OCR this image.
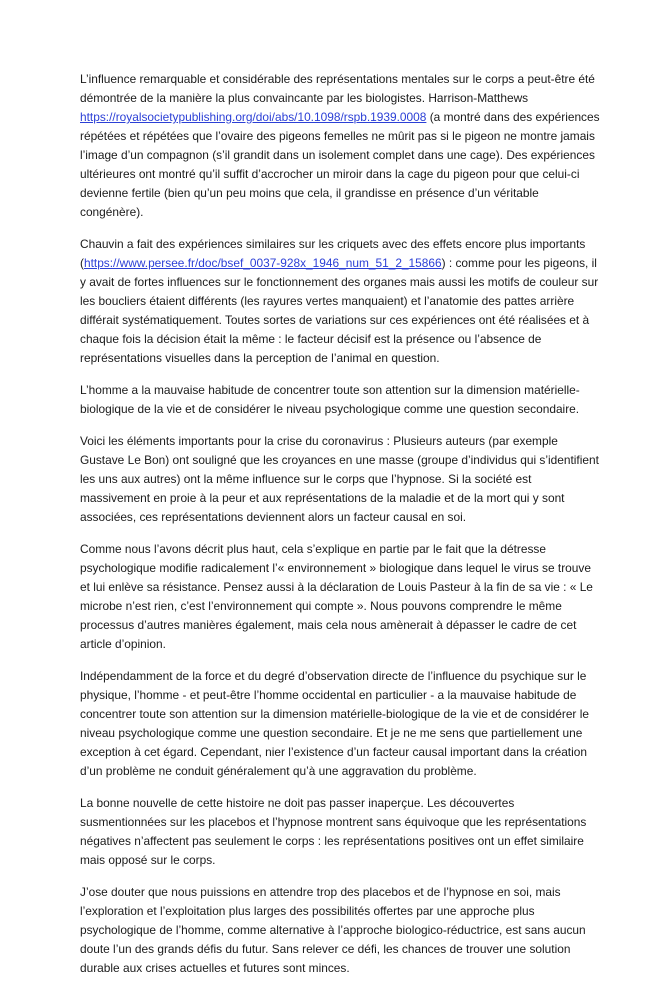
L’influence remarquable et considérable des représentations mentales sur le corps a peut-être été démontrée de la manière la plus convaincante par les biologistes. Harrison-Matthews https://royalsocietypublishing.org/doi/abs/10.1098/rspb.1939.0008 (a montré dans des expériences répétées et répétées que l’ovaire des pigeons femelles ne mûrit pas si le pigeon ne montre jamais l’image d’un compagnon (s’il grandit dans un isolement complet dans une cage). Des expériences ultérieures ont montré qu’il suffit d’accrocher un miroir dans la cage du pigeon pour que celui-ci devienne fertile (bien qu’un peu moins que cela, il grandisse en présence d’un véritable congénère).

Chauvin a fait des expériences similaires sur les criquets avec des effets encore plus importants (https://www.persee.fr/doc/bsef_0037-928x_1946_num_51_2_15866) : comme pour les pigeons, il y avait de fortes influences sur le fonctionnement des organes mais aussi les motifs de couleur sur les boucliers étaient différents (les rayures vertes manquaient) et l’anatomie des pattes arrière différait systématiquement. Toutes sortes de variations sur ces expériences ont été réalisées et à chaque fois la décision était la même : le facteur décisif est la présence ou l’absence de représentations visuelles dans la perception de l’animal en question.

L’homme a la mauvaise habitude de concentrer toute son attention sur la dimension matérielle-biologique de la vie et de considérer le niveau psychologique comme une question secondaire.

Voici les éléments importants pour la crise du coronavirus : Plusieurs auteurs (par exemple Gustave Le Bon) ont souligné que les croyances en une masse (groupe d’individus qui s’identifient les uns aux autres) ont la même influence sur le corps que l’hypnose. Si la société est massivement en proie à la peur et aux représentations de la maladie et de la mort qui y sont associées, ces représentations deviennent alors un facteur causal en soi.

Comme nous l’avons décrit plus haut, cela s’explique en partie par le fait que la détresse psychologique modifie radicalement l’« environnement » biologique dans lequel le virus se trouve et lui enlève sa résistance. Pensez aussi à la déclaration de Louis Pasteur à la fin de sa vie : « Le microbe n’est rien, c’est l’environnement qui compte ». Nous pouvons comprendre le même processus d’autres manières également, mais cela nous amènerait à dépasser le cadre de cet article d’opinion.

Indépendamment de la force et du degré d’observation directe de l’influence du psychique sur le physique, l’homme - et peut-être l’homme occidental en particulier - a la mauvaise habitude de concentrer toute son attention sur la dimension matérielle-biologique de la vie et de considérer le niveau psychologique comme une question secondaire. Et je ne me sens que partiellement une exception à cet égard. Cependant, nier l’existence d’un facteur causal important dans la création d’un problème ne conduit généralement qu’à une aggravation du problème.

La bonne nouvelle de cette histoire ne doit pas passer inaperçue. Les découvertes susmentionnées sur les placebos et l’hypnose montrent sans équivoque que les représentations négatives n’affectent pas seulement le corps : les représentations positives ont un effet similaire mais opposé sur le corps.

J’ose douter que nous puissions en attendre trop des placebos et de l’hypnose en soi, mais l’exploration et l’exploitation plus larges des possibilités offertes par une approche plus psychologique de l’homme, comme alternative à l’approche biologico-réductrice, est sans aucun doute l’un des grands défis du futur. Sans relever ce défi, les chances de trouver une solution durable aux crises actuelles et futures sont minces.
